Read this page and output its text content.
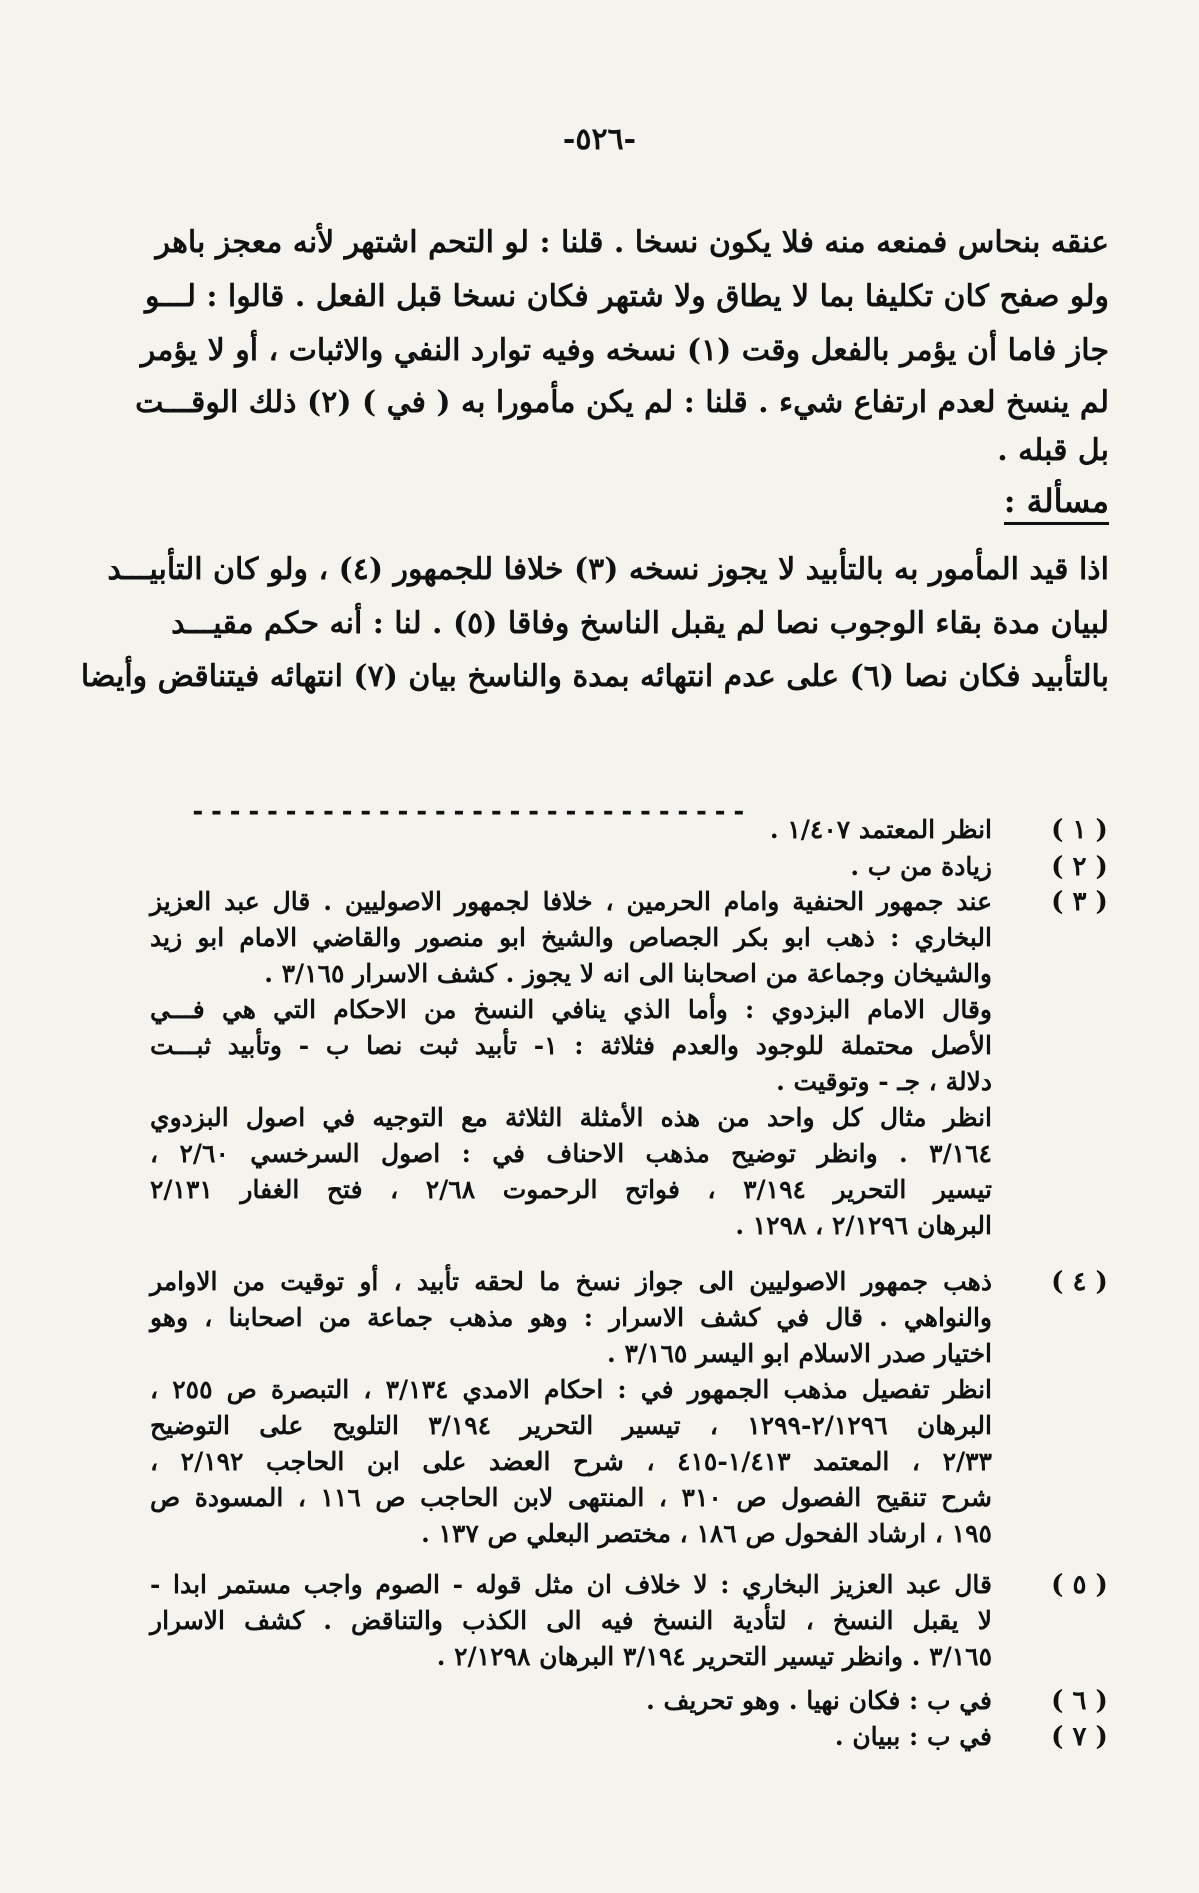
-٥٢٦-
عنقه بنحاس فمنعه منه فلا يكون نسخا . قلنا : لو التحم اشتهر لأنه معجز باهر
ولو صفح كان تكليفا بما لا يطاق ولا شتهر فكان نسخا قبل الفعل . قالوا : لـــو
جاز فاما أن يؤمر بالفعل وقت (١) نسخه وفيه توارد النفي والاثبات ، أو لا يؤمر
لم ينسخ لعدم ارتفاع شيء . قلنا : لم يكن مأمورا به ( في ) (٢) ذلك الوقـــت
بل قبله .
مسألة :
اذا قيد المأمور به بالتأبيد لا يجوز نسخه (٣) خلافا للجمهور (٤) ، ولو كان التأبيـــد
لبيان مدة بقاء الوجوب نصا لم يقبل الناسخ وفاقا (٥) . لنا : أنه حكم مقيـــد
بالتأبيد فكان نصا (٦) على عدم انتهائه بمدة والناسخ بيان (٧) انتهائه فيتناقض وأيضا
------------------------------
( ١ )
انظر المعتمد ١/٤٠٧ .
( ٢ )
زيادة من ب .
( ٣ )
عند جمهور الحنفية وامام الحرمين ، خلافا لجمهور الاصوليين . قال عبد العزيز
البخاري : ذهب ابو بكر الجصاص والشيخ ابو منصور والقاضي الامام ابو زيد
والشيخان وجماعة من اصحابنا الى انه لا يجوز . كشف الاسرار ٣/١٦٥ .
وقال الامام البزدوي : وأما الذي ينافي النسخ من الاحكام التي هي فـــي
الأصل محتملة للوجود والعدم فثلاثة : ١- تأبيد ثبت نصا ب - وتأبيد ثبـــت
دلالة ، جـ - وتوقيت .
انظر مثال كل واحد من هذه الأمثلة الثلاثة مع التوجيه في اصول البزدوي
٣/١٦٤ . وانظر توضيح مذهب الاحناف في : اصول السرخسي ٢/٦٠ ،
تيسير التحرير ٣/١٩٤ ، فواتح الرحموت ٢/٦٨ ، فتح الغفار ٢/١٣١
البرهان ٢/١٢٩٦ ، ١٢٩٨ .
( ٤ )
ذهب جمهور الاصوليين الى جواز نسخ ما لحقه تأبيد ، أو توقيت من الاوامر
والنواهي . قال في كشف الاسرار : وهو مذهب جماعة من اصحابنا ، وهو
اختيار صدر الاسلام ابو اليسر ٣/١٦٥ .
انظر تفصيل مذهب الجمهور في : احكام الامدي ٣/١٣٤ ، التبصرة ص ٢٥٥ ،
البرهان ٢/١٢٩٦-١٢٩٩ ، تيسير التحرير ٣/١٩٤ التلويح على التوضيح
٢/٣٣ ، المعتمد ١/٤١٣-٤١٥ ، شرح العضد على ابن الحاجب ٢/١٩٢ ،
شرح تنقيح الفصول ص ٣١٠ ، المنتهى لابن الحاجب ص ١١٦ ، المسودة ص
١٩٥ ، ارشاد الفحول ص ١٨٦ ، مختصر البعلي ص ١٣٧ .
( ٥ )
قال عبد العزيز البخاري : لا خلاف ان مثل قوله - الصوم واجب مستمر ابدا -
لا يقبل النسخ ، لتأدية النسخ فيه الى الكذب والتناقض . كشف الاسرار
٣/١٦٥ . وانظر تيسير التحرير ٣/١٩٤ البرهان ٢/١٢٩٨ .
( ٦ )
في ب : فكان نهيا . وهو تحريف .
( ٧ )
في ب : ببيان .
